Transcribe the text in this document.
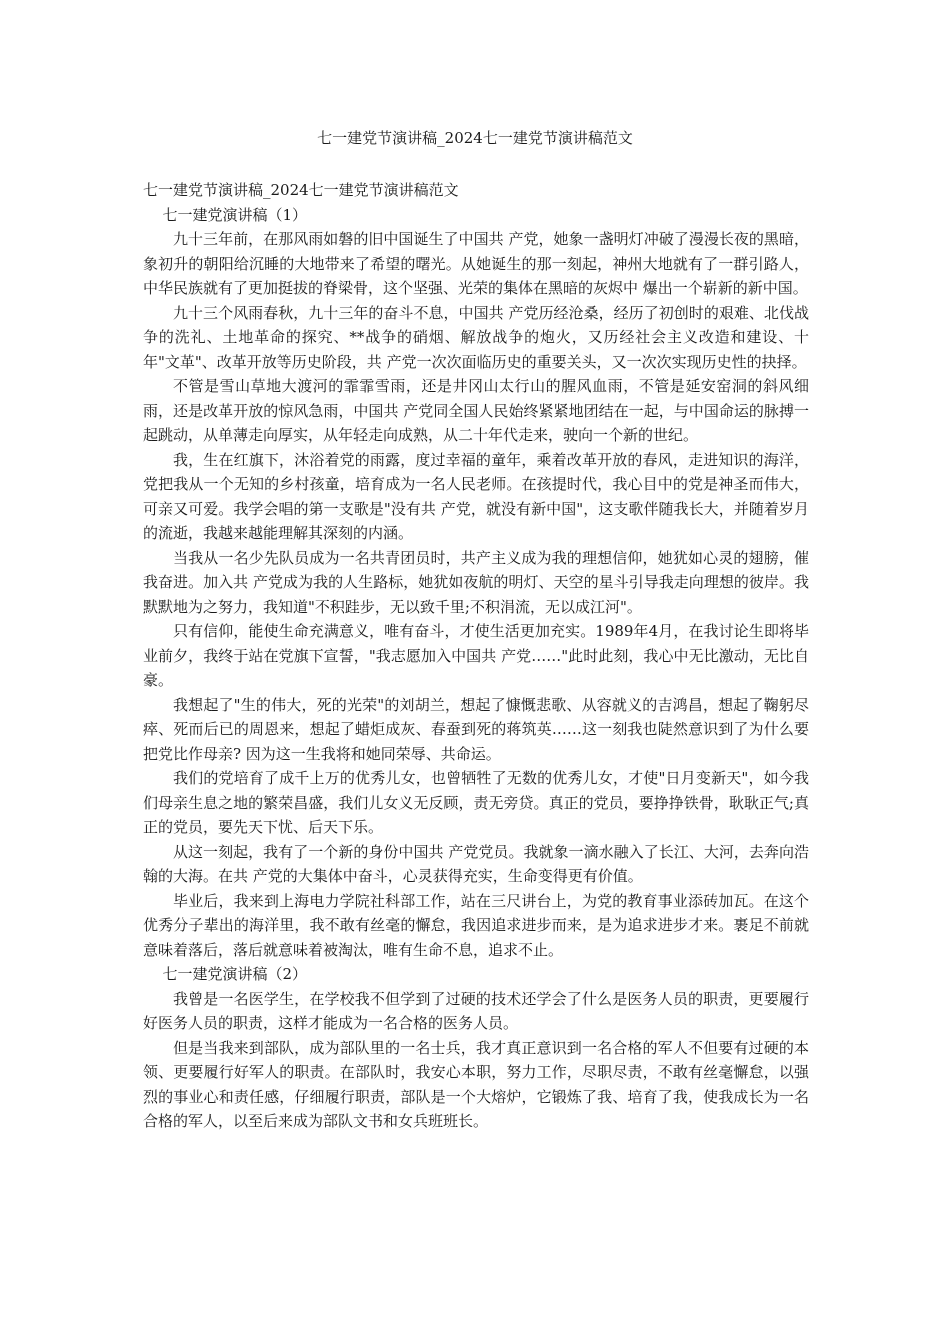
七一建党节演讲稿_2024七一建党节演讲稿范文

七一建党节演讲稿_2024七一建党节演讲稿范文

七一建党演讲稿（1）

九十三年前，在那风雨如磐的旧中国诞生了中国共 产党，她象一盏明灯冲破了漫漫长夜的黑暗，象初升的朝阳给沉睡的大地带来了希望的曙光。从她诞生的那一刻起，神州大地就有了一群引路人，中华民族就有了更加挺拔的脊梁骨，这个坚强、光荣的集体在黑暗的灰烬中 爆出一个崭新的新中国。

九十三个风雨春秋，九十三年的奋斗不息，中国共 产党历经沧桑，经历了初创时的艰难、北伐战争的洗礼、土地革命的探究、**战争的硝烟、解放战争的炮火，又历经社会主义改造和建设、十年"文革"、改革开放等历史阶段，共 产党一次次面临历史的重要关头，又一次次实现历史性的抉择。

不管是雪山草地大渡河的霏霏雪雨，还是井冈山太行山的腥风血雨，不管是延安窑洞的斜风细雨，还是改革开放的惊风急雨，中国共 产党同全国人民始终紧紧地团结在一起，与中国命运的脉搏一起跳动，从单薄走向厚实，从年轻走向成熟，从二十年代走来，驶向一个新的世纪。

我，生在红旗下，沐浴着党的雨露，度过幸福的童年，乘着改革开放的春风，走进知识的海洋，党把我从一个无知的乡村孩童，培育成为一名人民老师。在孩提时代，我心目中的党是神圣而伟大，可亲又可爱。我学会唱的第一支歌是"没有共 产党，就没有新中国"，这支歌伴随我长大，并随着岁月的流逝，我越来越能理解其深刻的内涵。

当我从一名少先队员成为一名共青团员时，共产主义成为我的理想信仰，她犹如心灵的翅膀，催我奋进。加入共 产党成为我的人生路标，她犹如夜航的明灯、天空的星斗引导我走向理想的彼岸。我默默地为之努力，我知道"不积跬步，无以致千里;不积涓流，无以成江河"。

只有信仰，能使生命充满意义，唯有奋斗，才使生活更加充实。1989年4月，在我讨论生即将毕业前夕，我终于站在党旗下宣誓，"我志愿加入中国共 产党……"此时此刻，我心中无比激动，无比自豪。

我想起了"生的伟大，死的光荣"的刘胡兰，想起了慷慨悲歌、从容就义的吉鸿昌，想起了鞠躬尽瘁、死而后已的周恩来，想起了蜡炬成灰、春蚕到死的蒋筑英……这一刻我也陡然意识到了为什么要把党比作母亲? 因为这一生我将和她同荣辱、共命运。

我们的党培育了成千上万的优秀儿女，也曾牺牲了无数的优秀儿女，才使"日月变新天"，如今我们母亲生息之地的繁荣昌盛，我们儿女义无反顾，责无旁贷。真正的党员，要挣挣铁骨，耿耿正气;真正的党员，要先天下忧、后天下乐。

从这一刻起，我有了一个新的身份中国共 产党党员。我就象一滴水融入了长江、大河，去奔向浩翰的大海。在共 产党的大集体中奋斗，心灵获得充实，生命变得更有价值。

毕业后，我来到上海电力学院社科部工作，站在三尺讲台上，为党的教育事业添砖加瓦。在这个优秀分子辈出的海洋里，我不敢有丝毫的懈怠，我因追求进步而来，是为追求进步才来。裹足不前就意味着落后，落后就意味着被淘汰，唯有生命不息，追求不止。

七一建党演讲稿（2）

我曾是一名医学生，在学校我不但学到了过硬的技术还学会了什么是医务人员的职责，更要履行好医务人员的职责，这样才能成为一名合格的医务人员。

但是当我来到部队，成为部队里的一名士兵，我才真正意识到一名合格的军人不但要有过硬的本领、更要履行好军人的职责。在部队时，我安心本职，努力工作，尽职尽责，不敢有丝毫懈怠，以强烈的事业心和责任感，仔细履行职责，部队是一个大熔炉，它锻炼了我、培育了我，使我成长为一名合格的军人，以至后来成为部队文书和女兵班班长。
